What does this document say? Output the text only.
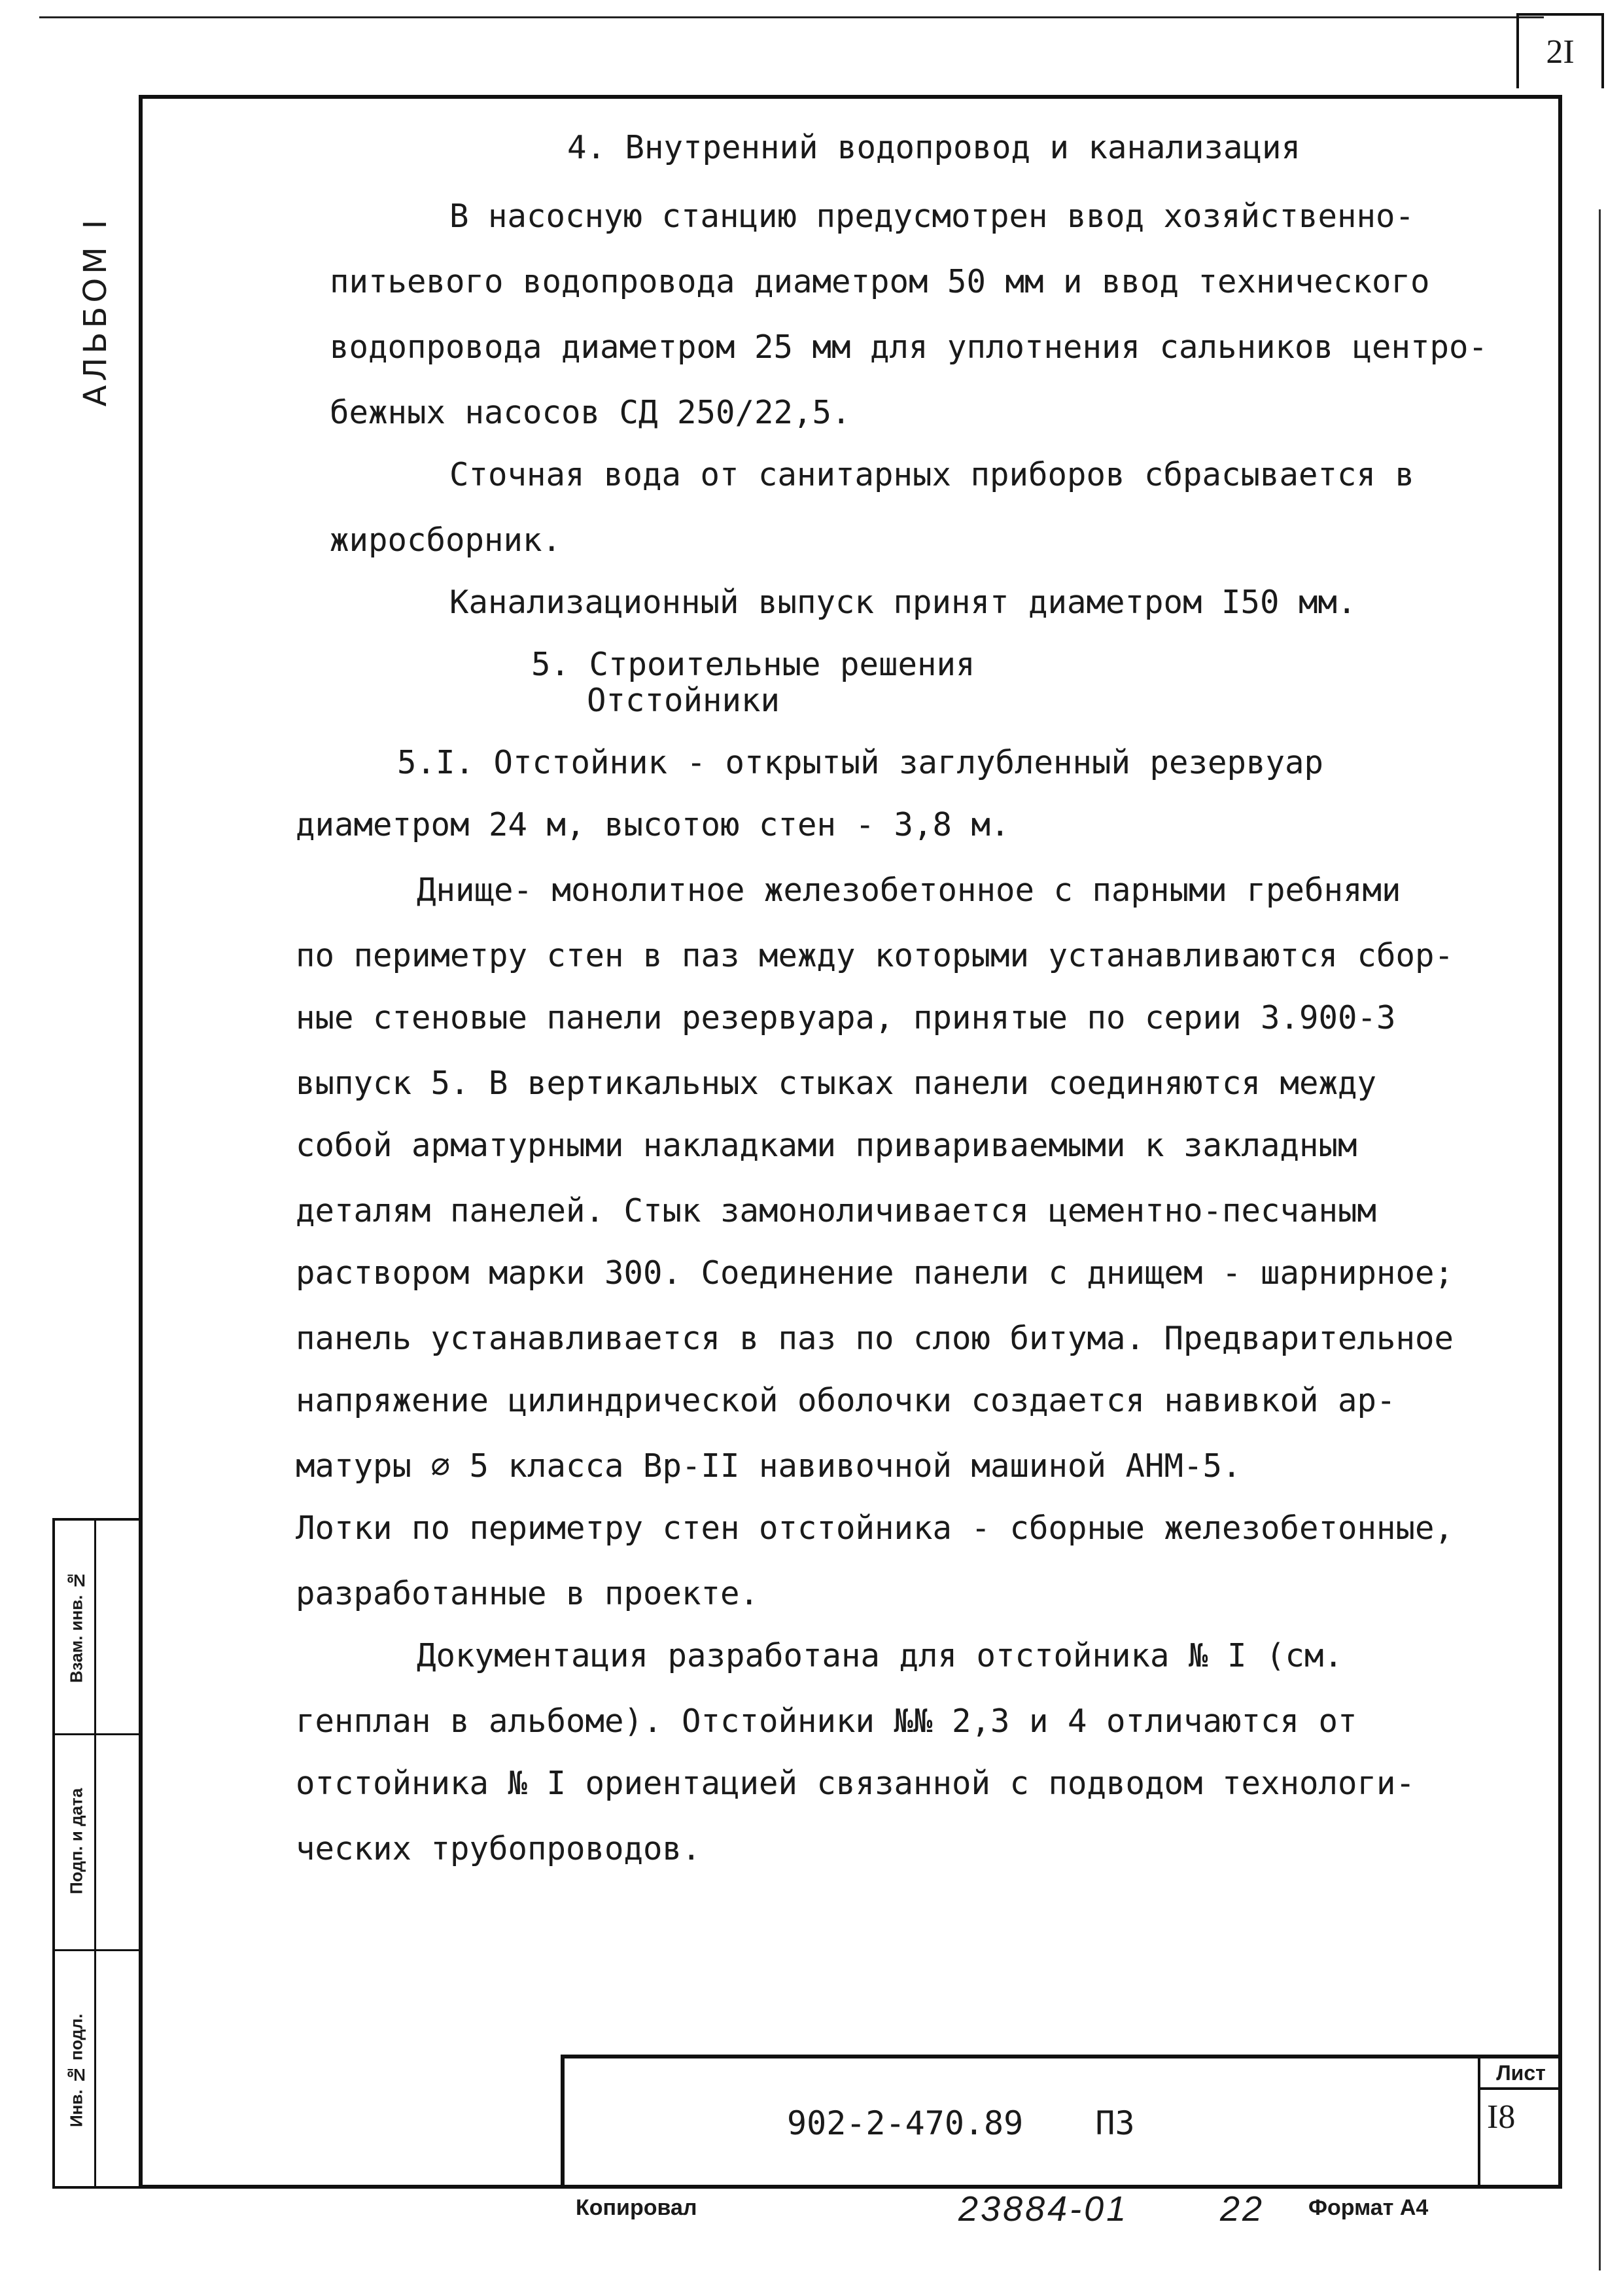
2I
АЛЬБОМ I
Взам. инв. №
Подп. и дата
Инв. № подл.
4. Внутренний водопровод и канализация
В насосную станцию предусмотрен ввод хозяйственно-
питьевого водопровода диаметром 50 мм и ввод технического
водопровода диаметром 25 мм для уплотнения сальников центро-
бежных насосов СД 250/22,5.
Сточная вода от санитарных приборов сбрасывается в
жиросборник.
Канализационный выпуск принят диаметром I50 мм.
5. Строительные решения
Отстойники
5.I. Отстойник - открытый заглубленный резервуар
диаметром 24 м, высотою стен - 3,8 м.
Днище- монолитное железобетонное с парными гребнями
по периметру стен в паз между которыми устанавливаются сбор-
ные стеновые панели резервуара, принятые по серии 3.900-3
выпуск 5. В вертикальных стыках панели соединяются между
собой арматурными накладками привариваемыми к закладным
деталям панелей. Стык замоноличивается цементно-песчаным
раствором марки 300. Соединение панели с днищем - шарнирное;
панель устанавливается в паз по слою битума. Предварительное
напряжение цилиндрической оболочки создается навивкой ар-
матуры ⌀ 5 класса Вр-II навивочной машиной АНМ-5.
Лотки по периметру стен отстойника - сборные железобетонные,
разработанные в проекте.
Документация разработана для отстойника № I (см.
генплан в альбоме). Отстойники №№ 2,3 и 4 отличаются от
отстойника № I ориентацией связанной с подводом технологи-
ческих трубопроводов.
902-2-470.89 ПЗ
Лист
I8
Копировал	23884-01	22 Формат А4
